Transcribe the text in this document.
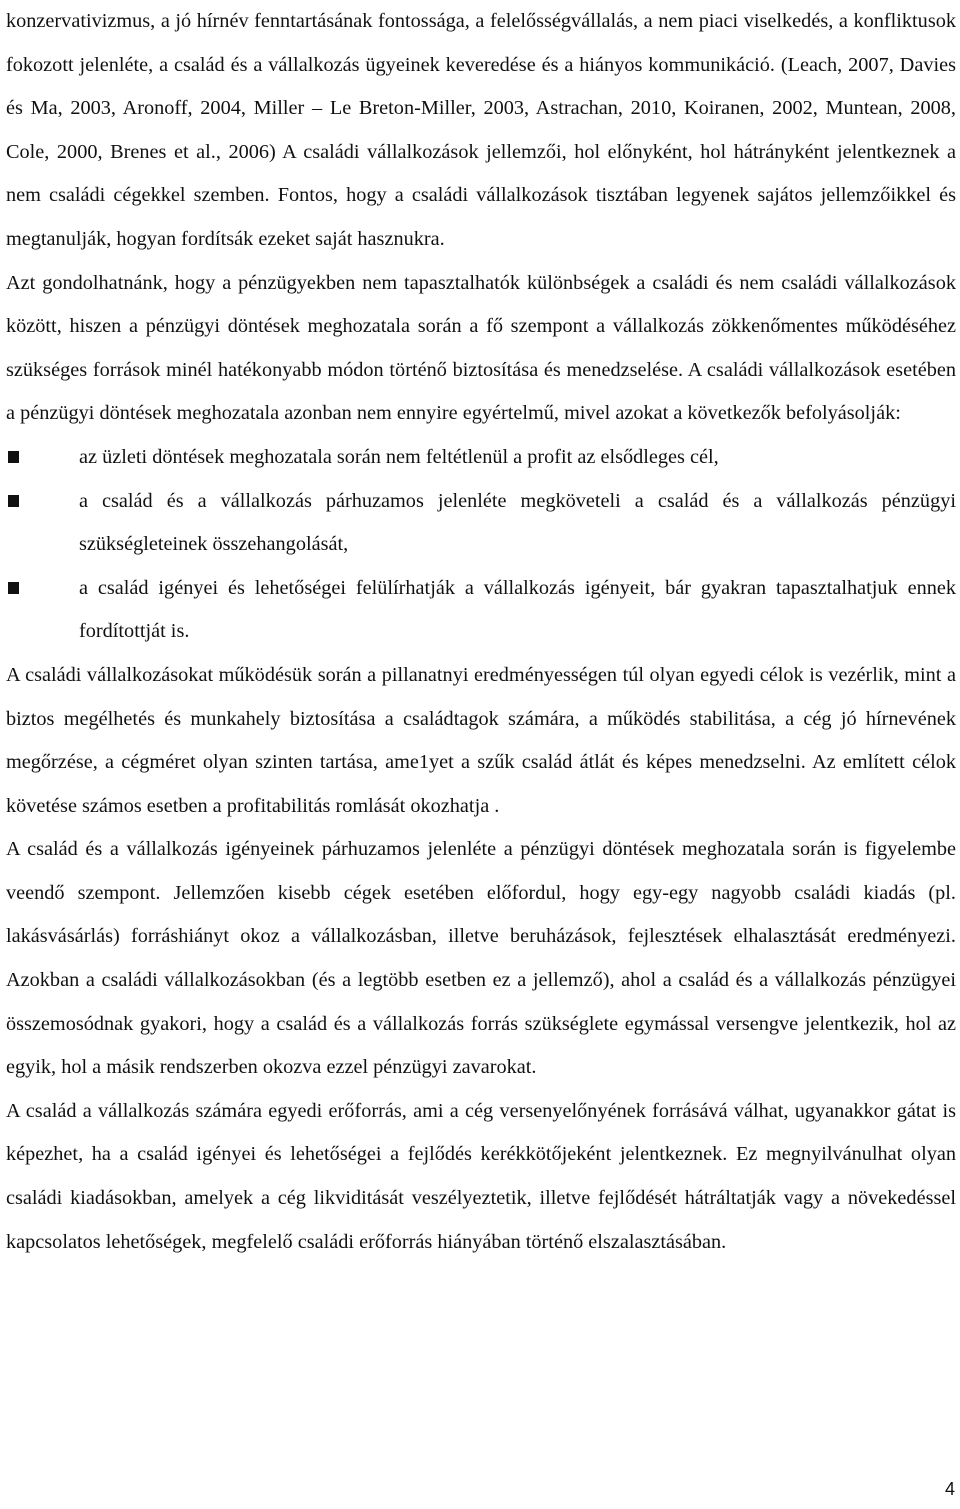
konzervativizmus, a jó hírnév fenntartásának fontossága, a felelősségvállalás, a nem piaci viselkedés, a konfliktusok fokozott jelenléte, a család és a vállalkozás ügyeinek keveredése és a hiányos kommunikáció. (Leach, 2007, Davies és Ma, 2003, Aronoff, 2004, Miller – Le Breton-Miller, 2003, Astrachan, 2010, Koiranen, 2002, Muntean, 2008, Cole, 2000, Brenes et al., 2006) A családi vállalkozások jellemzői, hol előnyként, hol hátrányként jelentkeznek a nem családi cégekkel szemben. Fontos, hogy a családi vállalkozások tisztában legyenek sajátos jellemzőikkel és megtanulják, hogyan fordítsák ezeket saját hasznukra.

Azt gondolhatnánk, hogy a pénzügyekben nem tapasztalhatók különbségek a családi és nem családi vállalkozások között, hiszen a pénzügyi döntések meghozatala során a fő szempont a vállalkozás zökkenőmentes működéséhez szükséges források minél hatékonyabb módon történő biztosítása és menedzselése. A családi vállalkozások esetében a pénzügyi döntések meghozatala azonban nem ennyire egyértelmű, mivel azokat a következők befolyásolják:

az üzleti döntések meghozatala során nem feltétlenül a profit az elsődleges cél,
a család és a vállalkozás párhuzamos jelenléte megköveteli a család és a vállalkozás pénzügyi szükségleteinek összehangolását,
a család igényei és lehetőségei felülírhatják a vállalkozás igényeit, bár gyakran tapasztalhatjuk ennek fordítottját is.

A családi vállalkozásokat működésük során a pillanatnyi eredményességen túl olyan egyedi célok is vezérlik, mint a biztos megélhetés és munkahely biztosítása a családtagok számára, a működés stabilitása, a cég jó hírnevének megőrzése, a cégméret olyan szinten tartása, ame1yet a szűk család átlát és képes menedzselni. Az említett célok követése számos esetben a profitabilitás romlását okozhatja .

A család és a vállalkozás igényeinek párhuzamos jelenléte a pénzügyi döntések meghozatala során is figyelembe veendő szempont. Jellemzően kisebb cégek esetében előfordul, hogy egy-egy nagyobb családi kiadás (pl. lakásvásárlás) forráshiányt okoz a vállalkozásban, illetve beruházások, fejlesztések elhalasztását eredményezi. Azokban a családi vállalkozásokban (és a legtöbb esetben ez a jellemző), ahol a család és a vállalkozás pénzügyei összemosódnak gyakori, hogy a család és a vállalkozás forrás szükséglete egymással versengve jelentkezik, hol az egyik, hol a másik rendszerben okozva ezzel pénzügyi zavarokat.

A család a vállalkozás számára egyedi erőforrás, ami a cég versenyelőnyének forrásává válhat, ugyanakkor gátat is képezhet, ha a család igényei és lehetőségei a fejlődés kerékkötőjeként jelentkeznek. Ez megnyilvánulhat olyan családi kiadásokban, amelyek a cég likviditását veszélyeztetik, illetve fejlődését hátráltatják vagy a növekedéssel kapcsolatos lehetőségek, megfelelő családi erőforrás hiányában történő elszalasztásában.

4
